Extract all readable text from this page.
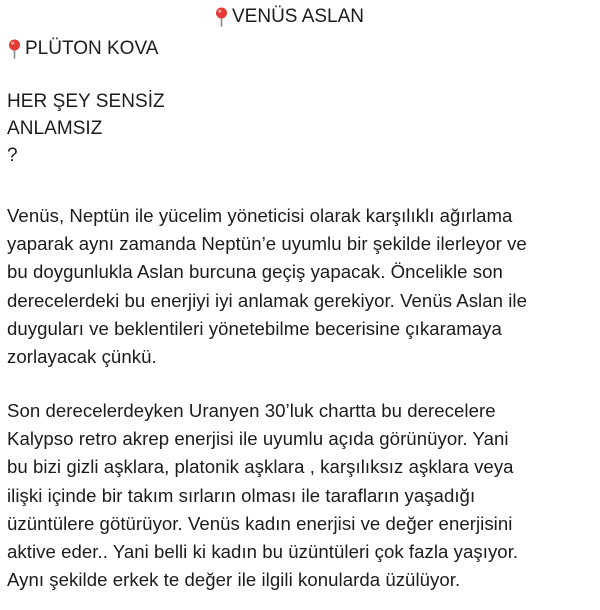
VENÜS ASLAN
PLÜTON KOVA
HER ŞEY SENSİZ
ANLAMSIZ
?
Venüs, Neptün ile yücelim yöneticisi olarak karşılıklı ağırlama
yaparak aynı zamanda Neptün’e uyumlu bir şekilde ilerleyor ve
bu doygunlukla Aslan burcuna geçiş yapacak. Öncelikle son
derecelerdeki bu enerjiyi iyi anlamak gerekiyor. Venüs Aslan ile
duyguları ve beklentileri yönetebilme becerisine çıkaramaya
zorlayacak çünkü.
Son derecelerdeyken Uranyen 30’luk chartta bu derecelere
Kalypso retro akrep enerjisi ile uyumlu açıda görünüyor. Yani
bu bizi gizli aşklara, platonik aşklara , karşılıksız aşklara veya
ilişki içinde bir takım sırların olması ile tarafların yaşadığı
üzüntülere götürüyor. Venüs kadın enerjisi ve değer enerjisini
aktive eder.. Yani belli ki kadın bu üzüntüleri çok fazla yaşıyor.
Aynı şekilde erkek te değer ile ilgili konularda üzülüyor.
